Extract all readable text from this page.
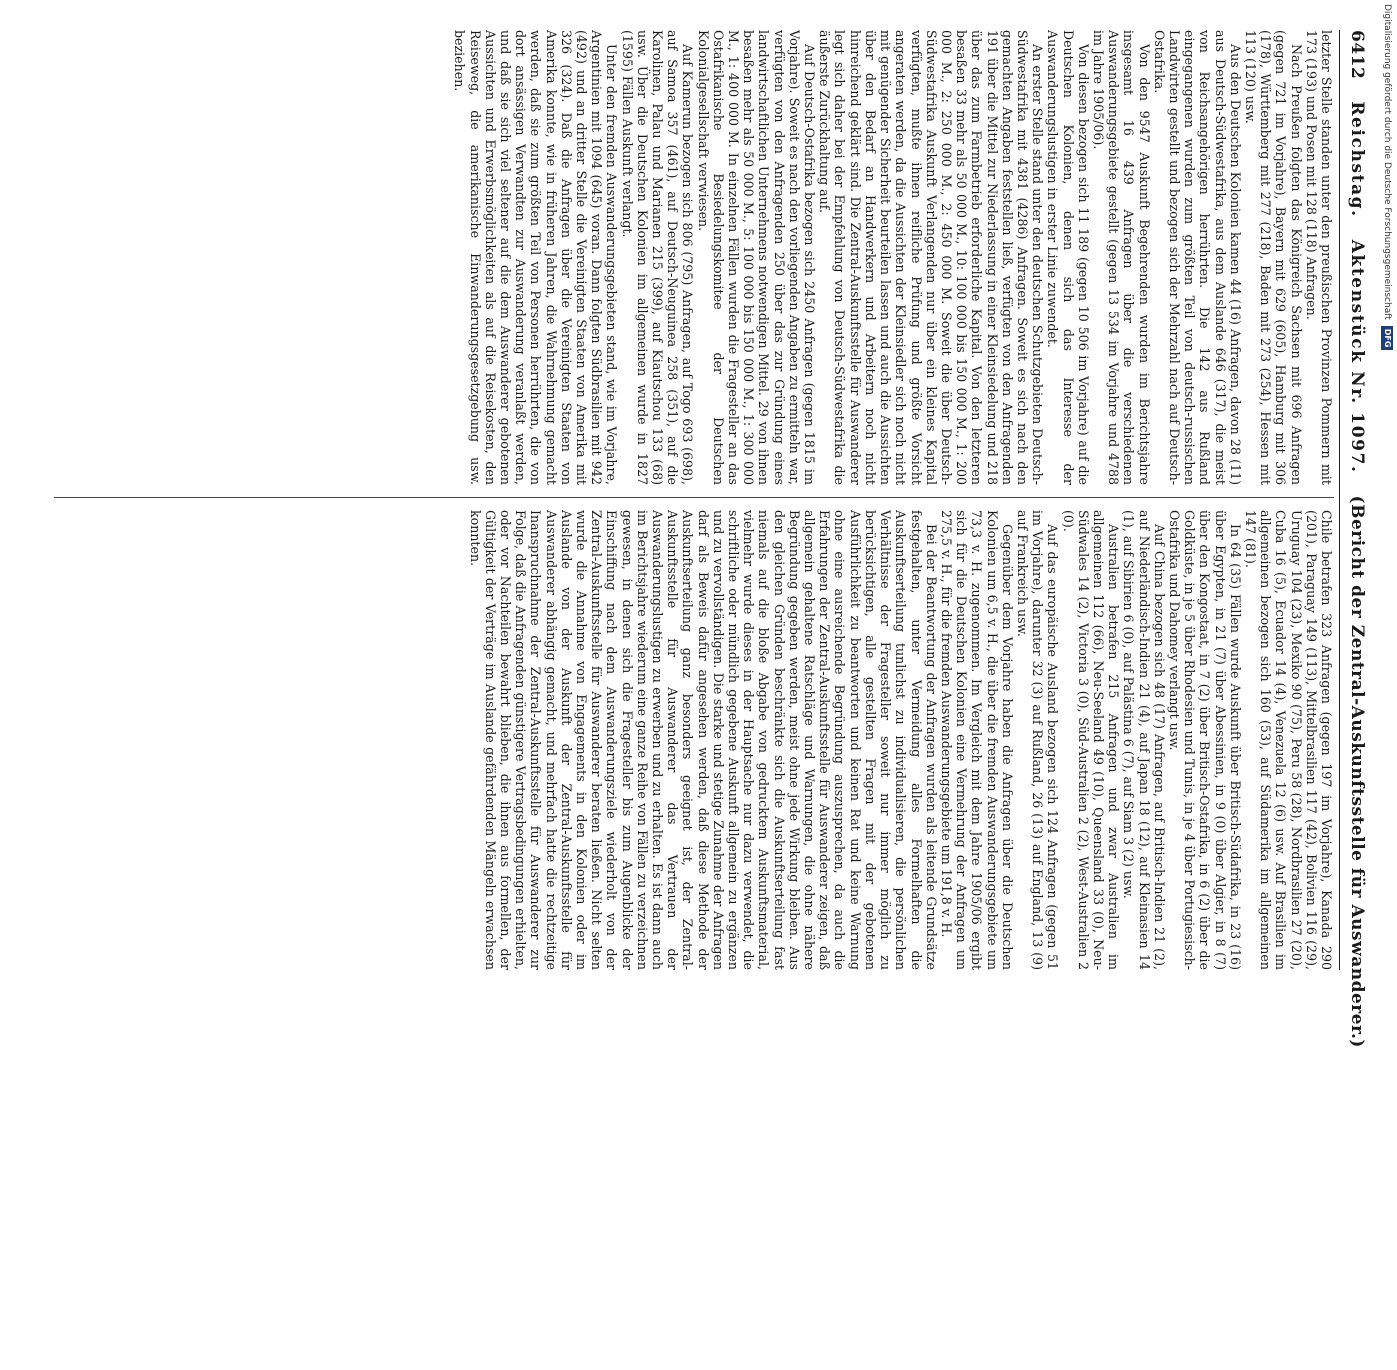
6412
Reichstag.
Aktenstück Nr. 1097.
(Bericht der Zentral-Auskunftsstelle für Auswanderer.)

letzter Stelle standen unter den preußischen Provinzen Pommern mit 173 (193) und Posen mit 128 (118) Anfragen.

Nach Preußen folgten das Königreich Sachsen mit 696 Anfragen (gegen 721 im Vorjahre), Bayern mit 629 (605), Hamburg mit 306 (178), Württemberg mit 277 (218), Baden mit 273 (254), Hessen mit 113 (120) usw.

Aus den Deutschen Kolonien kamen 44 (16) Anfragen, davon 28 (11) aus Deutsch-Südwestafrika, aus dem Auslande 646 (317), die meist von Reichsangehörigen herrührten. Die 142 aus Rußland eingegangenen wurden zum größten Teil von deutsch-russischen Landwirten gestellt und bezogen sich der Mehrzahl nach auf Deutsch-Ostafrika.

Von den 9547 Auskunft Begehrenden wurden im Berichtsjahre insgesamt 16 439 Anfragen über die verschiedenen Auswanderungsgebiete gestellt (gegen 13 534 im Vorjahre und 4788 im Jahre 1905/06).

Von diesen bezogen sich 11 189 (gegen 10 506 im Vorjahre) auf die Deutschen Kolonien, denen sich das Interesse der Auswanderungslustigen in erster Linie zuwendet.

An erster Stelle stand unter den deutschen Schutzgebieten Deutsch-Südwestafrika mit 4381 (4286) Anfragen. Soweit es sich nach den gemachten Angaben feststellen ließ, verfügten von den Anfragenden 191 über die Mittel zur Niederlassung in einer Kleinsiedelung und 218 über das zum Farmbetrieb erforderliche Kapital. Von den letzteren besaßen 33 mehr als 50 000 M., 10: 100 000 bis 150 000 M., 1: 200 000 M., 2: 250 000 M., 2: 450 000 M. Soweit die über Deutsch-Südwestafrika Auskunft Verlangenden nur über ein kleines Kapital verfügten, mußte ihnen reifliche Prüfung und größte Vorsicht angeraten werden, da die Aussichten der Kleinsiedler sich noch nicht mit genügender Sicherheit beurteilen lassen und auch die Aussichten über den Bedarf an Handwerkern und Arbeitern noch nicht hinreichend geklärt sind. Die Zentral-Auskunftsstelle für Auswanderer legt sich daher bei der Empfehlung von Deutsch-Südwestafrika die äußerste Zurückhaltung auf.

Auf Deutsch-Ostafrika bezogen sich 2450 Anfragen (gegen 1815 im Vorjahre). Soweit es nach den vorliegenden Angaben zu ermitteln war, verfügten von den Anfragenden 250 über das zur Gründung eines landwirtschaftlichen Unternehmens notwendigen Mittel. 29 von ihnen besaßen mehr als 50 000 M., 5: 100 000 bis 150 000 M., 1: 300 000 M., 1: 400 000 M. In einzelnen Fällen wurden die Fragesteller an das Ostafrikanische Besiedelungskomitee der Deutschen Kolonialgesellschaft verwiesen.

Auf Kamerun bezogen sich 806 (795) Anfragen, auf Togo 693 (698), auf Samoa 357 (461), auf Deutsch-Neuguinea 258 (351), auf die Karolinen, Palau und Marianen 215 (399), auf Kiautschou 133 (68) usw. Über die Deutschen Kolonien im allgemeinen wurde in 1827 (1595) Fällen Auskunft verlangt.

Unter den fremden Auswanderungsgebieten stand, wie im Vorjahre, Argentinien mit 1094 (645) voran. Dann folgten Südbrasilien mit 942 (492) und an dritter Stelle die Vereinigten Staaten von Amerika mit 326 (324). Daß die Anfragen über die Vereinigten Staaten von Amerika konnte, wie in früheren Jahren, die Wahrnehmung gemacht werden, daß sie zum größten Teil von Personen herrührten, die von dort ansässigen Verwandten zur Auswanderung veranlaßt werden, und daß sie sich viel seltener auf die dem Auswanderer gebotenen Aussichten und Erwerbsmöglichkeiten als auf die Reisekosten, den Reiseweg, die amerikanische Einwanderungsgesetzgebung usw. beziehen.

Chile betrafen 323 Anfragen (gegen 197 im Vorjahre), Kanada 290 (201), Paraguay 149 (113), Mittelbrasilien 117 (42), Bolivien 116 (29), Uruguay 104 (23), Mexiko 90 (75), Peru 58 (28), Nordbrasilien 27 (20), Cuba 16 (5), Ecuador 14 (4), Venezuela 12 (6) usw. Auf Brasilien im allgemeinen bezogen sich 160 (53), auf Südamerika im allgemeinen 147 (81).

In 64 (35) Fällen wurde Auskunft über Britisch-Südafrika, in 23 (16) über Egypten, in 21 (7) über Abessinien, in 9 (0) über Algier, in 8 (7) über den Kongostaat, in 7 (2) über Britisch-Ostafrika, in 6 (2) über die Goldküste, in je 5 über Rhodesien und Tunis, in je 4 über Portugiesisch-Ostafrika und Dahomey verlangt usw.

Auf China bezogen sich 48 (17) Anfragen, auf Britisch-Indien 21 (2), auf Niederländisch-Indien 21 (4), auf Japan 18 (12), auf Kleinasien 14 (1), auf Sibirien 6 (0), auf Palästina 6 (7), auf Siam 3 (2) usw.

Australien betrafen 215 Anfragen und zwar Australien im allgemeinen 112 (66), Neu-Seeland 49 (10), Queensland 33 (0), Neu-Südwales 14 (2), Victoria 3 (0), Süd-Australien 2 (2), West-Australien 2 (0).

Auf das europäische Ausland bezogen sich 124 Anfragen (gegen 51 im Vorjahre), darunter 32 (3) auf Rußland, 26 (13) auf England, 13 (9) auf Frankreich usw.

Gegenüber dem Vorjahre haben die Anfragen über die Deutschen Kolonien um 6,5 v. H., die über die fremden Auswanderungsgebiete um 73,3 v. H. zugenommen. Im Vergleich mit dem Jahre 1905/06 ergibt sich für die Deutschen Kolonien eine Vermehrung der Anfragen um 275,5 v. H., für die fremden Auswanderungsgebiete um 191,8 v. H.

Bei der Beantwortung der Anfragen wurden als leitende Grundsätze festgehalten, unter Vermeidung alles Formelhaften die Auskunftserteilung tunlichst zu individualisieren, die persönlichen Verhältnisse der Fragesteller soweit nur immer möglich zu berücksichtigen, alle gestellten Fragen mit der gebotenen Ausführlichkeit zu beantworten und keinen Rat und keine Warnung ohne eine ausreichende Begründung auszusprechen, da auch die Erfahrungen der Zentral-Auskunftsstelle für Auswanderer zeigen, daß allgemein gehaltene Ratschläge und Warnungen, die ohne nähere Begründung gegeben werden, meist ohne jede Wirkung bleiben. Aus den gleichen Gründen beschränkte sich die Auskunftserteilung fast niemals auf die bloße Abgabe von gedrucktem Auskunftsmaterial, vielmehr wurde dieses in der Hauptsache nur dazu verwendet, die schriftliche oder mündlich gegebene Auskunft allgemein zu ergänzen und zu vervollständigen. Die starke und stetige Zunahme der Anfragen darf als Beweis dafür angesehen werden, daß diese Methode der Auskunftserteilung ganz besonders geeignet ist, der Zentral-Auskunftsstelle für Auswanderer das Vertrauen der Auswanderungslustigen zu erwerben und zu erhalten. Es ist dann auch im Berichtsjahre wiederum eine ganze Reihe von Fällen zu verzeichnen gewesen, in denen sich die Fragesteller bis zum Augenblicke der Einschiffung nach dem Auswanderungsziele wiederholt von der Zentral-Auskunftsstelle für Auswanderer beraten ließen. Nicht selten wurde die Annahme von Engagements in den Kolonien oder im Auslande von der Auskunft der Zentral-Auskunftsstelle für Auswanderer abhängig gemacht, und mehrfach hatte die rechtzeitige Inanspruchnahme der Zentral-Auskunftsstelle für Auswanderer zur Folge, daß die Anfragenden günstigere Vertragsbedingungen erhielten, oder vor Nachteilen bewahrt blieben, die ihnen aus formellen, der Gültigkeit der Verträge im Auslande gefährdenden Mängeln erwachsen konnten.

Digitalisierung gefördert durch die Deutsche Forschungsgemeinschaft
DFG
